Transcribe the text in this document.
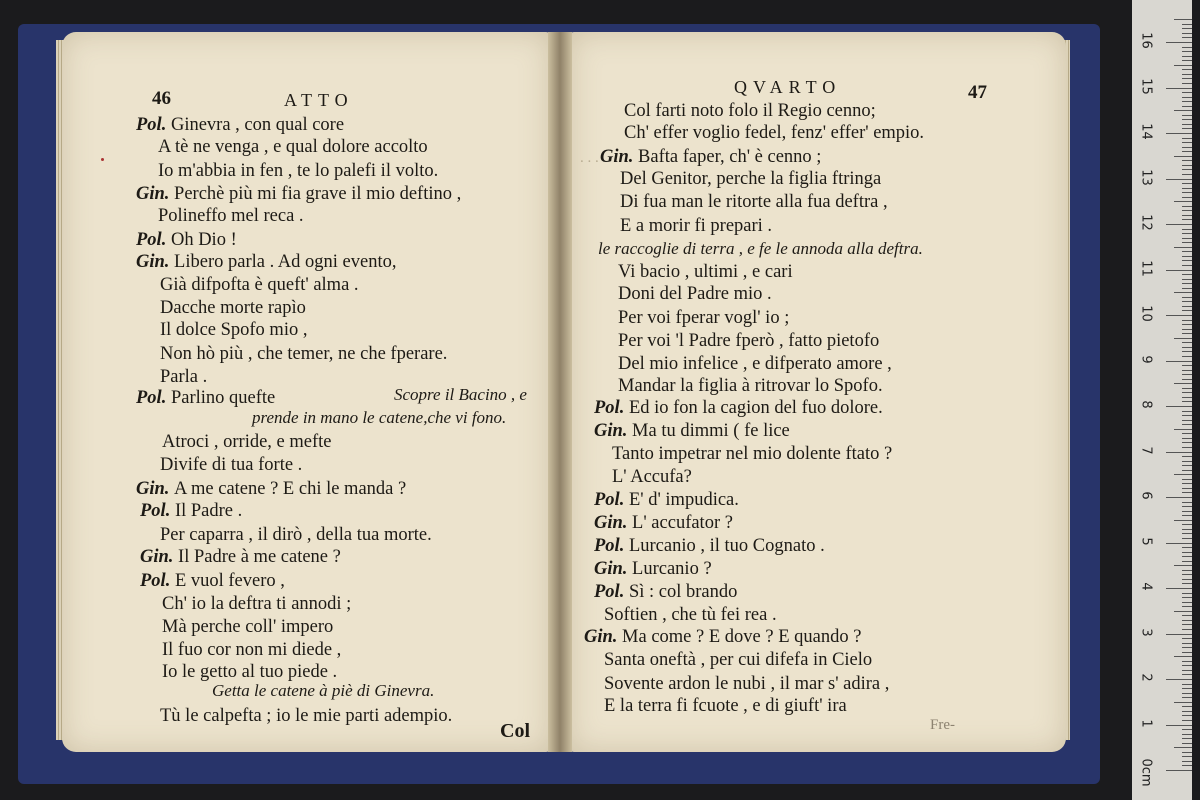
46	ATTO
QVARTO	47
Pol. Ginevra , con qual core
A tè ne venga , e qual dolore accolto
Io m'abbia in fen , te lo palefi il volto.
Gin. Perchè più mi fia grave il mio deftino ,
Polineffo mel reca .
Pol. Oh Dio !
Gin. Libero parla . Ad ogni evento,
Già difpofta è queft' alma .
Dacche morte rapìo
Il dolce Spofo mio ,
Non hò più , che temer, ne che fperare.
Parla .
Pol. Parlino quefte
Atroci , orride, e mefte
Divife di tua forte .
Gin. A me catene ? E chi le manda ?
Pol. Il Padre .
Per caparra , il dirò , della tua morte.
Gin. Il Padre à me catene ?
Pol. E vuol fevero ,
Ch' io la deftra ti annodi ;
Mà perche coll' impero
Il fuo cor non mi diede ,
Io le getto al tuo piede .
Tù le calpefta ; io le mie parti adempio.
Col farti noto folo il Regio cenno;
Ch' effer voglio fedel, fenz' effer' empio.
Gin. Bafta faper, ch' è cenno ;
Del Genitor, perche la figlia ftringa
Di fua man le ritorte alla fua deftra ,
E a morir fi prepari .
le raccoglie di terra , e fe le annoda alla deftra.
Vi bacio , ultimi , e cari
Doni del Padre mio .
Per voi fperar vogl' io ;
Per voi 'l Padre fperò , fatto pietofo
Del mio infelice , e difperato amore ,
Mandar la figlia à ritrovar lo Spofo.
Pol. Ed io fon la cagion del fuo dolore.
Gin. Ma tu dimmi ( fe lice
Tanto impetrar nel mio dolente ftato ?
L' Accufa?
Pol. E' d' impudica.
Gin. L' accufator ?
Pol. Lurcanio , il tuo Cognato .
Gin. Lurcanio ?
Pol. Sì : col brando
Softien , che tù fei rea .
Gin. Ma come ? E dove ? E quando ?
Santa oneftà , per cui difefa in Cielo
Sovente ardon le nubi , il mar s' adira ,
E la terra fi fcuote , e di giuft' ira
Scopre il Bacino , e
prende in mano le catene,che vi fono.
Getta le catene à piè di Ginevra.
Col	Fre-
. . .
0cm
1
2
3
4
5
6
7
8
9
10
11
12
13
14
15
16
